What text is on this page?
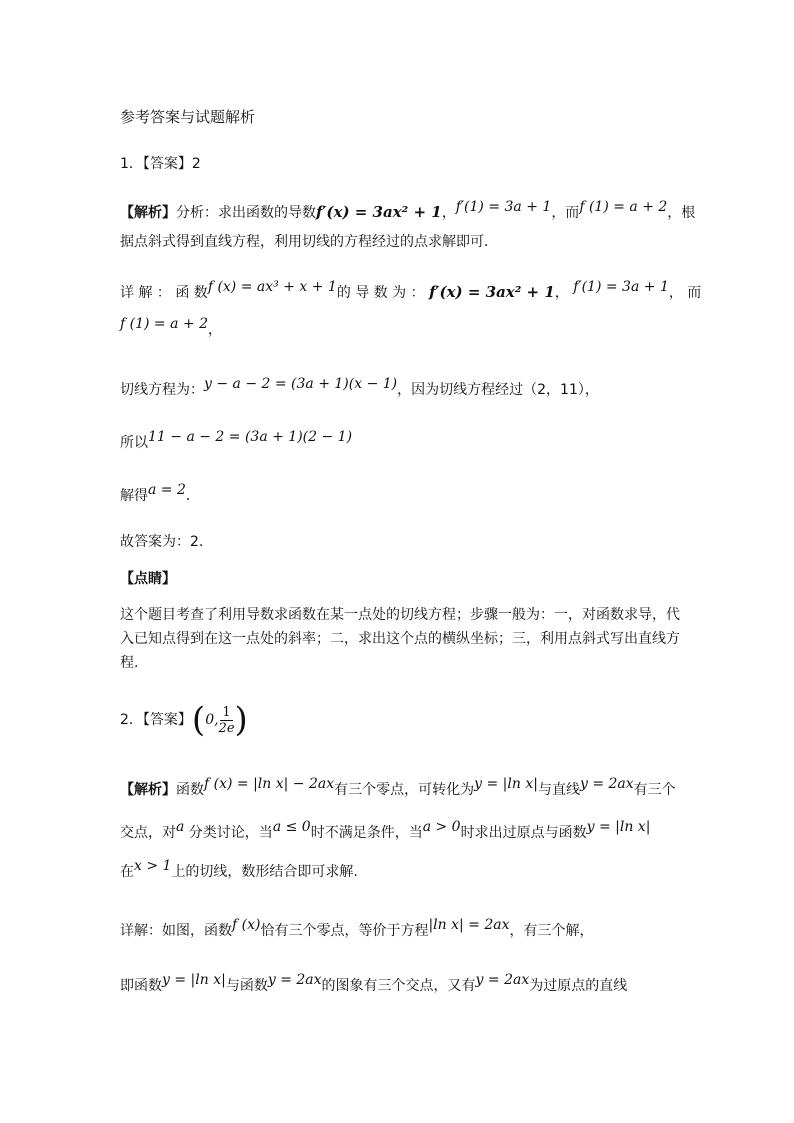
参考答案与试题解析
1．【答案】2
【解析】分析：求出函数的导数f′(x) = 3ax² + 1，f′(1) = 3a + 1，而f (1) = a + 2，根
据点斜式得到直线方程，利用切线的方程经过的点求解即可．
详 解 ： 函 数f (x) = ax³ + x + 1的 导 数 为 ： f′(x) = 3ax² + 1， f′(1) = 3a + 1， 而
f (1) = a + 2，
切线方程为：y − a − 2 = (3a + 1)(x − 1)，因为切线方程经过（2，11），
所以11 − a − 2 = (3a + 1)(2 − 1)
解得a = 2．
故答案为：2.
【点睛】
这个题目考查了利用导数求函数在某一点处的切线方程；步骤一般为：一，对函数求导，代入已知点得到在这一点处的斜率；二，求出这个点的横纵坐标；三，利用点斜式写出直线方程.
2．【答案】(0, $\frac{1}{2e}$ )
【解析】函数f (x) = |ln x| − 2ax有三个零点，可转化为y = |ln x|与直线y = 2ax有三个
交点，对a 分类讨论，当a ≤ 0时不满足条件，当a > 0时求出过原点与函数y = |ln x|
在x > 1上的切线，数形结合即可求解.
详解：如图，函数f (x)恰有三个零点，等价于方程|ln x| = 2ax，有三个解，
即函数y = |ln x|与函数y = 2ax的图象有三个交点，又有y = 2ax为过原点的直线
